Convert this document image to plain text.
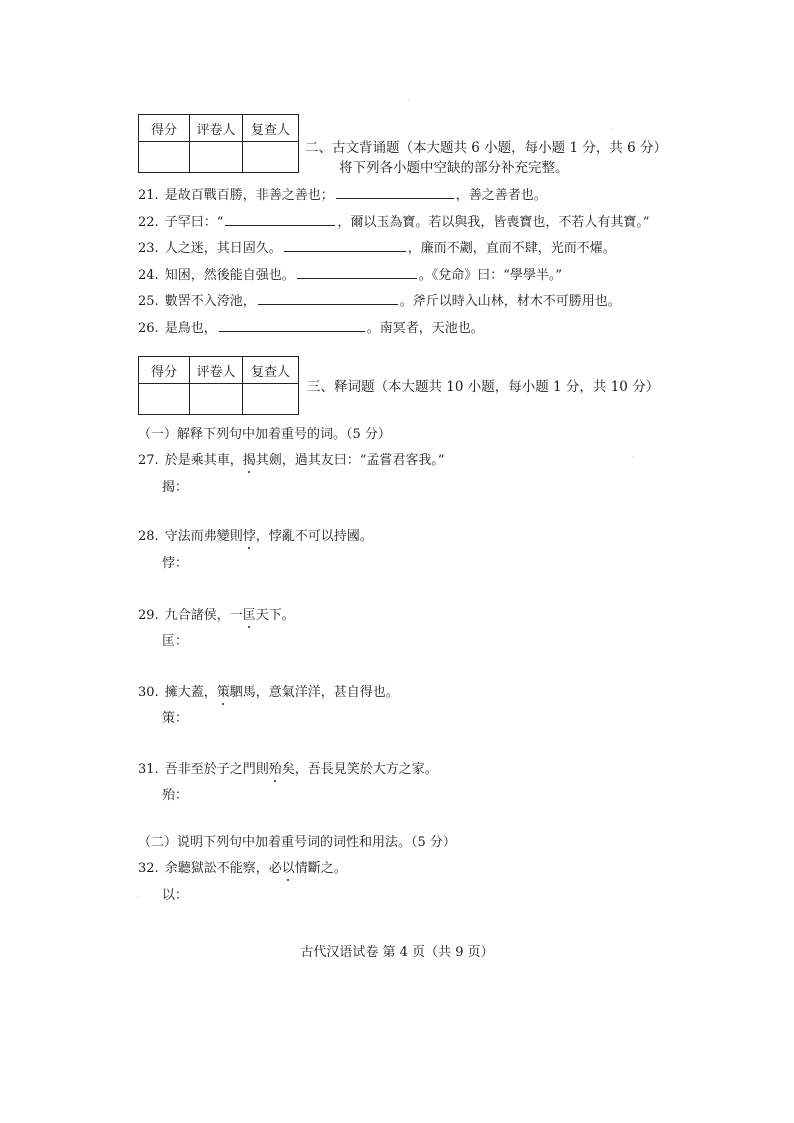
得分	评卷人	复查人

二、古文背诵题（本大题共 6 小题，每小题 1 分，共 6 分）
将下列各小题中空缺的部分补充完整。
21. 是故百戰百勝，非善之善也；	，善之善者也。
22. 子罕曰：“	，爾以玉為寶。若以與我，皆喪寶也，不若人有其寶。”
23. 人之迷，其日固久。	，廉而不劌，直而不肆，光而不燿。
24. 知困，然後能自强也。	。《兌命》曰：“學學半。”
25. 數罟不入洿池，	。斧斤以時入山林，材木不可勝用也。
26. 是鳥也，	。南冥者，天池也。
得分	评卷人	复查人

三、释词题（本大题共 10 小题，每小题 1 分，共 10 分）
（一）解释下列句中加着重号的词。（5 分）
27. 於是乘其車，揭其劍，過其友曰：“孟嘗君客我。”
揭：
28. 守法而弗變則悖，悖亂不可以持國。
悖：
29. 九合諸侯，一匡天下。
匡：
30. 擁大蓋，策駟馬，意氣洋洋，甚自得也。
策：
31. 吾非至於子之門則殆矣，吾長見笑於大方之家。
殆：
（二）说明下列句中加着重号词的词性和用法。（5 分）
32. 余聽獄訟不能察，必以情斷之。
以：
古代汉语试卷 第 4 页（共 9 页）
